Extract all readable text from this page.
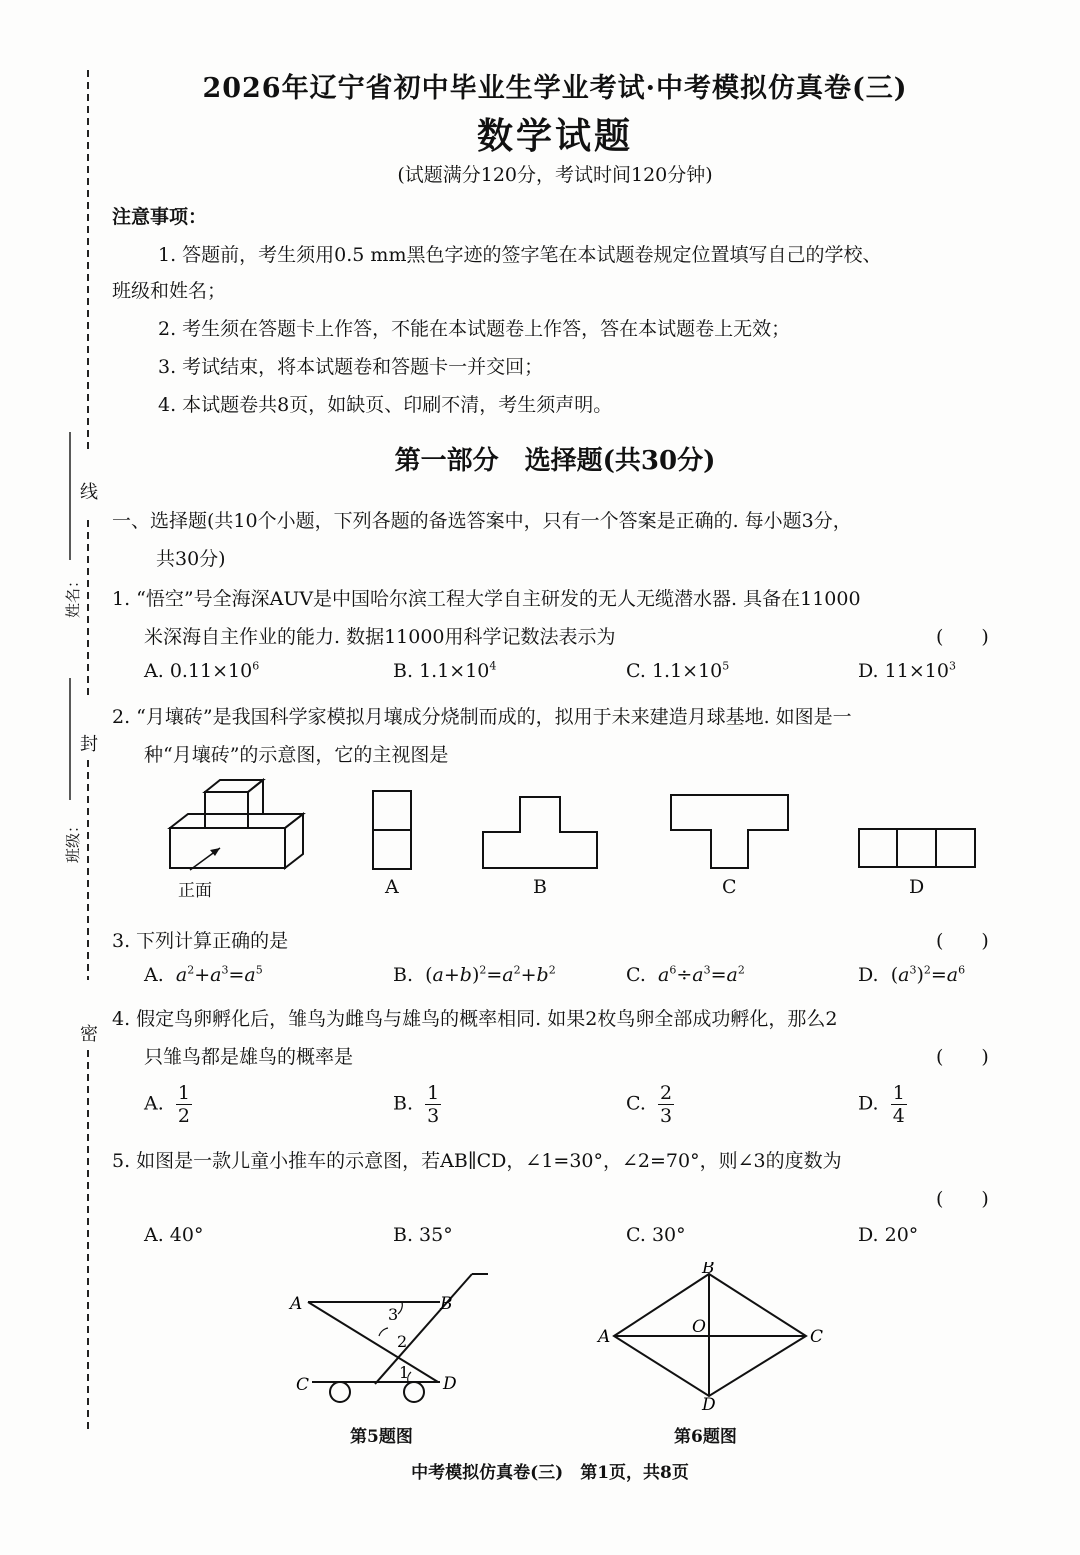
线
封
密
姓名：
班级：
2026年辽宁省初中毕业生学业考试·中考模拟仿真卷(三)
数学试题
(试题满分120分，考试时间120分钟)
注意事项：
1. 答题前，考生须用0.5 mm黑色字迹的签字笔在本试题卷规定位置填写自己的学校、
班级和姓名；
2. 考生须在答题卡上作答，不能在本试题卷上作答，答在本试题卷上无效；
3. 考试结束，将本试题卷和答题卡一并交回；
4. 本试题卷共8页，如缺页、印刷不清，考生须声明。
第一部分　选择题(共30分)
一、选择题(共10个小题，下列各题的备选答案中，只有一个答案是正确的. 每小题3分，
共30分)
1. “悟空”号全海深AUV是中国哈尔滨工程大学自主研发的无人无缆潜水器. 具备在11000
米深海自主作业的能力. 数据11000用科学记数法表示为	(　　)
A. $0.11\times 10^6$	B. $1.1\times 10^4$	C. $1.1\times 10^5$	D. $11\times 10^3$
2. “月壤砖”是我国科学家模拟月壤成分烧制而成的，拟用于未来建造月球基地. 如图是一
种“月壤砖”的示意图，它的主视图是
正面	A	B	C	D
3. 下列计算正确的是	(　　)
A. $a^2+a^3=a^5$	B.  $(a+b)^2=a^2+b^2$	C. $a^6\div a^3=a^2$	D.  $(a^3)^2=a^6$
4. 假定鸟卵孵化后，雏鸟为雌鸟与雄鸟的概率相同. 如果2枚鸟卵全部成功孵化，那么2
只雏鸟都是雄鸟的概率是	(　　)
A. $\frac{1}{2}$	B. $\frac{1}{3}$	C. $\frac{2}{3}$	D. $\frac{1}{4}$
5. 如图是一款儿童小推车的示意图，若AB∥CD，∠1=30°，∠2=70°，则∠3的度数为
(　　)
A. 40°	B. 35°	C. 30°	D. 20°
A	B
C	D
3
2
1
第5题图
B
A	C
D
O
第6题图
中考模拟仿真卷(三)　第1页，共8页
